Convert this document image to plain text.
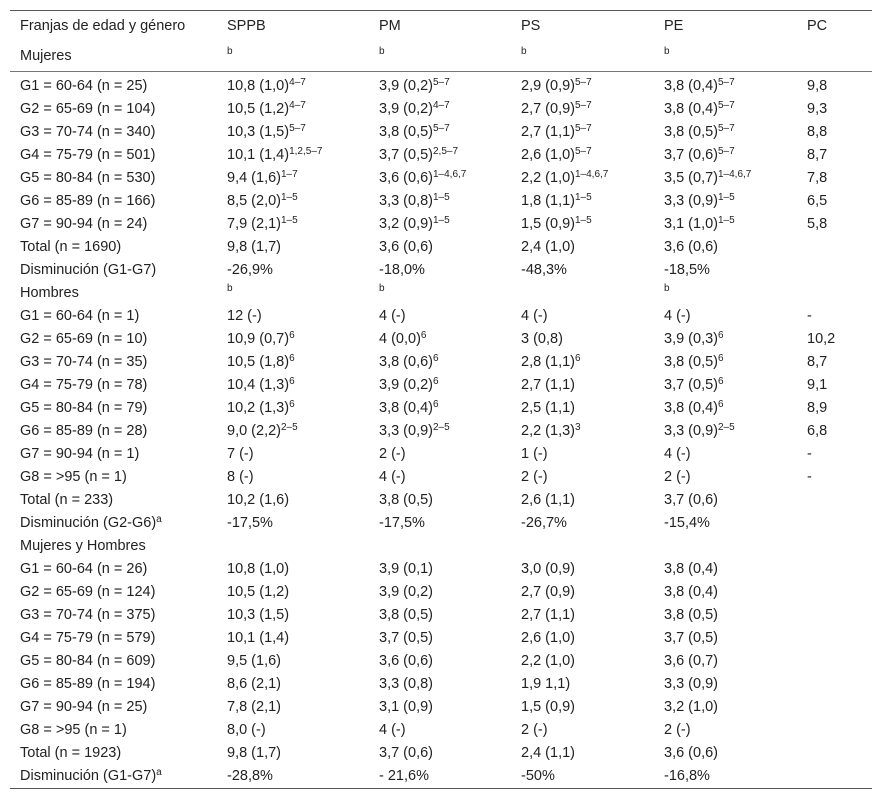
Franjas de edad y género	SPPB	PM	PS	PE	PC
Mujeres	$^b$	$^b$	$^b$	$^b$	
G1 = 60-64 (n = 25)	10,8 $(1,0)^{4-7}$	3,9 $(0,2)^{5-7}$	2,9 $(0,9)^{5-7}$	3,8 $(0,4)^{5-7}$	9,8
G2 = 65-69 (n = 104)	10,5 $(1,2)^{4-7}$	3,9 $(0,2)^{4-7}$	2,7 $(0,9)^{5-7}$	3,8 $(0,4)^{5-7}$	9,3
G3 = 70-74 (n = 340)	10,3 $(1,5)^{5-7}$	3,8 $(0,5)^{5-7}$	2,7 $(1,1)^{5-7}$	3,8 $(0,5)^{5-7}$	8,8
G4 = 75-79 (n = 501)	10,1 $(1,4)^{1,2,5-7}$	3,7 $(0,5)^{2,5-7}$	2,6 $(1,0)^{5-7}$	3,7 $(0,6)^{5-7}$	8,7
G5 = 80-84 (n = 530)	9,4 $(1,6)^{1-7}$	3,6 $(0,6)^{1-4,6,7}$	2,2 $(1,0)^{1-4,6,7}$	3,5 $(0,7)^{1-4,6,7}$	7,8
G6 = 85-89 (n = 166)	8,5 $(2,0)^{1-5}$	3,3 $(0,8)^{1-5}$	1,8 $(1,1)^{1-5}$	3,3 $(0,9)^{1-5}$	6,5
G7 = 90-94 (n = 24)	7,9 $(2,1)^{1-5}$	3,2 $(0,9)^{1-5}$	1,5 $(0,9)^{1-5}$	3,1 $(1,0)^{1-5}$	5,8
Total (n = 1690)	9,8 (1,7)	3,6 (0,6)	2,4 (1,0)	3,6 (0,6)	
Disminución (G1-G7)	-26,9%	-18,0%	-48,3%	-18,5%	
Hombres	$^b$	$^b$		$^b$	
G1 = 60-64 (n = 1)	12 (-)	4 (-)	4 (-)	4 (-)	-
G2 = 65-69 (n = 10)	10,9 $(0,7)^6$	4 $(0,0)^6$	3 (0,8)	3,9 $(0,3)^6$	10,2
G3 = 70-74 (n = 35)	10,5 $(1,8)^6$	3,8 $(0,6)^6$	2,8 $(1,1)^6$	3,8 $(0,5)^6$	8,7
G4 = 75-79 (n = 78)	10,4 $(1,3)^6$	3,9 $(0,2)^6$	2,7 (1,1)	3,7 $(0,5)^6$	9,1
G5 = 80-84 (n = 79)	10,2 $(1,3)^6$	3,8 $(0,4)^6$	2,5 (1,1)	3,8 $(0,4)^6$	8,9
G6 = 85-89 (n = 28)	9,0 $(2,2)^{2-5}$	3,3 $(0,9)^{2-5}$	2,2 $(1,3)^3$	3,3 $(0,9)^{2-5}$	6,8
G7 = 90-94 (n = 1)	7 (-)	2 (-)	1 (-)	4 (-)	-
G8 = >95 (n = 1)	8 (-)	4 (-)	2 (-)	2 (-)	-
Total (n = 233)	10,2 (1,6)	3,8 (0,5)	2,6 (1,1)	3,7 (0,6)	
Disminución $(G2-G6)^a$	-17,5%	-17,5%	-26,7%	-15,4%	
Mujeres y Hombres					
G1 = 60-64 (n = 26)	10,8 (1,0)	3,9 (0,1)	3,0 (0,9)	3,8 (0,4)	
G2 = 65-69 (n = 124)	10,5 (1,2)	3,9 (0,2)	2,7 (0,9)	3,8 (0,4)	
G3 = 70-74 (n = 375)	10,3 (1,5)	3,8 (0,5)	2,7 (1,1)	3,8 (0,5)	
G4 = 75-79 (n = 579)	10,1 (1,4)	3,7 (0,5)	2,6 (1,0)	3,7 (0,5)	
G5 = 80-84 (n = 609)	9,5 (1,6)	3,6 (0,6)	2,2 (1,0)	3,6 (0,7)	
G6 = 85-89 (n = 194)	8,6 (2,1)	3,3 (0,8)	1,9 1,1)	3,3 (0,9)	
G7 = 90-94 (n = 25)	7,8 (2,1)	3,1 (0,9)	1,5 (0,9)	3,2 (1,0)	
G8 = >95 (n = 1)	8,0 (-)	4 (-)	2 (-)	2 (-)	
Total (n = 1923)	9,8 (1,7)	3,7 (0,6)	2,4 (1,1)	3,6 (0,6)	
Disminución $(G1-G7)^a$	-28,8%	- 21,6%	-50%	-16,8%	
